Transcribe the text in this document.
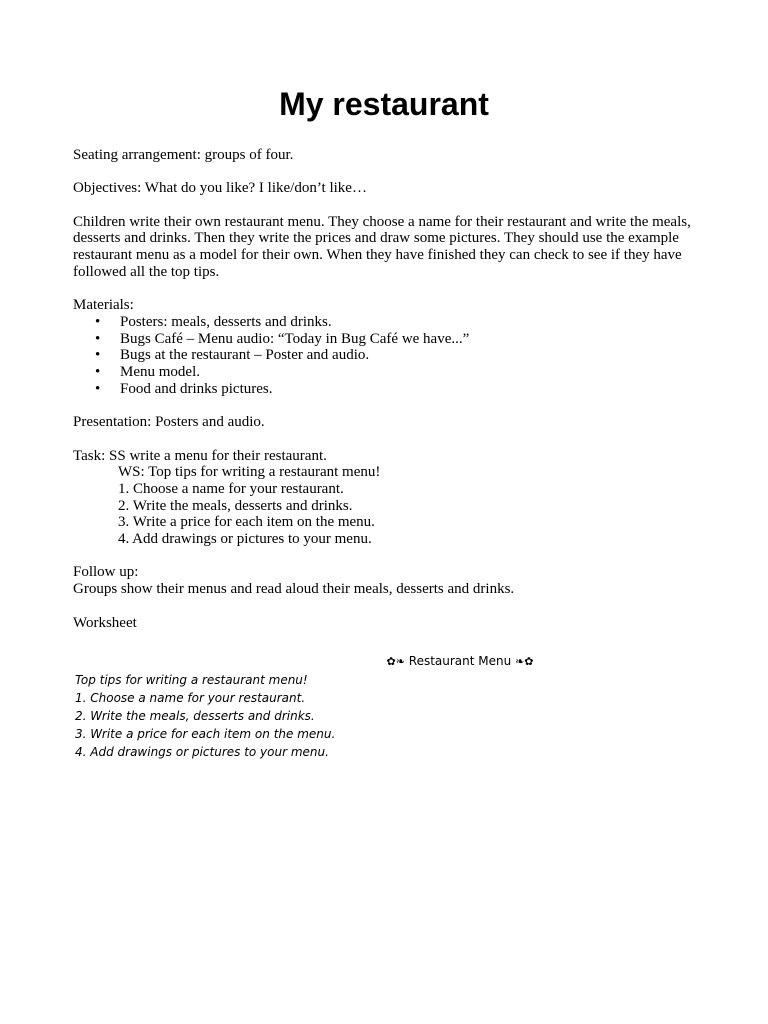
My restaurant

Seating arrangement: groups of four.

Objectives: What do you like? I like/don’t like…

Children write their own restaurant menu. They choose a name for their restaurant and write the meals, desserts and drinks. Then they write the prices and draw some pictures. They should use the example restaurant menu as a model for their own. When they have finished they can check to see if they have followed all the top tips.

Materials:

• Posters: meals, desserts and drinks.
• Bugs Café – Menu audio: “Today in Bug Café we have...”
• Bugs at the restaurant – Poster and audio.
• Menu model.
• Food and drinks pictures.

Presentation: Posters and audio.

Task: SS write a menu for their restaurant.
WS: Top tips for writing a restaurant menu!
1. Choose a name for your restaurant.
2. Write the meals, desserts and drinks.
3. Write a price for each item on the menu.
4. Add drawings or pictures to your menu.

Follow up:

Groups show their menus and read aloud their meals, desserts and drinks.

Worksheet

✿❧ Restaurant Menu ❧✿
Top tips for writing a restaurant menu!
1. Choose a name for your restaurant.
2. Write the meals, desserts and drinks.
3. Write a price for each item on the menu.
4. Add drawings or pictures to your menu.
